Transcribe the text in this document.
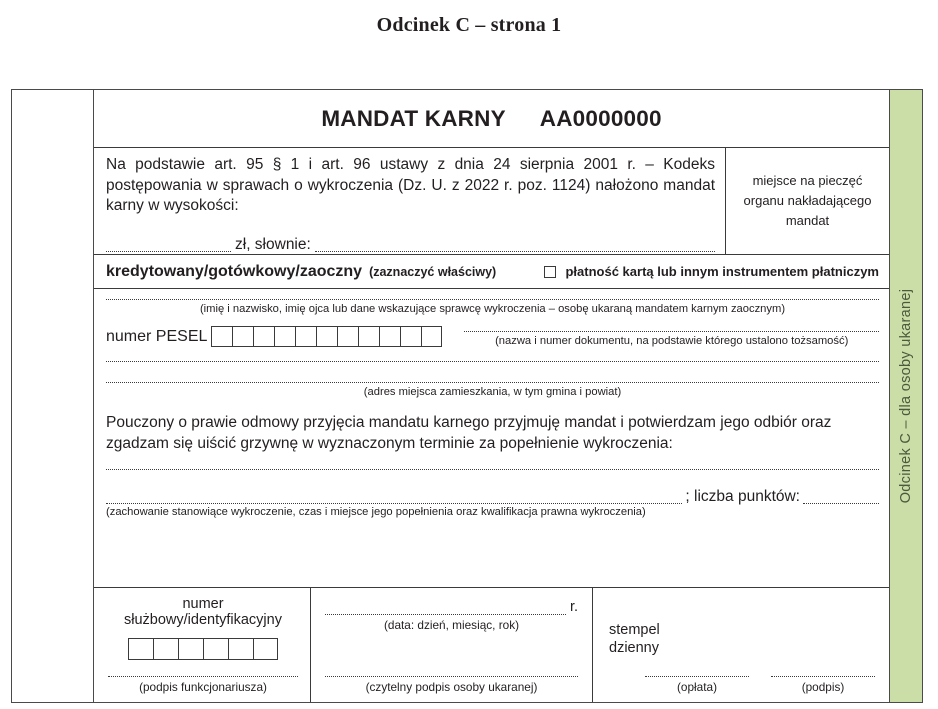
Odcinek C – strona 1
MANDAT KARNY AA0000000
Na podstawie art. 95 § 1 i art. 96 ustawy z dnia 24 sierpnia 2001 r. – Kodeks postępowania w sprawach o wykroczenia (Dz. U. z 2022 r. poz. 1124) nałożono mandat karny w wysokości:
zł, słownie:
miejsce na pieczęć
organu nakładającego
mandat
kredytowany/gotówkowy/zaoczny (zaznaczyć właściwy)	płatność kartą lub innym instrumentem płatniczym
(imię i nazwisko, imię ojca lub dane wskazujące sprawcę wykroczenia – osobę ukaraną mandatem karnym zaocznym)
numer PESEL	(nazwa i numer dokumentu, na podstawie którego ustalono tożsamość)
(adres miejsca zamieszkania, w tym gmina i powiat)
Pouczony o prawie odmowy przyjęcia mandatu karnego przyjmuję mandat i potwierdzam jego odbiór oraz zgadzam się uiścić grzywnę w wyznaczonym terminie za popełnienie wykroczenia:
; liczba punktów:
(zachowanie stanowiące wykroczenie, czas i miejsce jego popełnienia oraz kwalifikacja prawna wykroczenia)
numer służbowy/identyfikacyjny
(podpis funkcjonariusza)
r.
(data: dzień, miesiąc, rok)
(czytelny podpis osoby ukaranej)
stempel
dzienny
(opłata)	(podpis)
Odcinek C – dla osoby ukaranej
